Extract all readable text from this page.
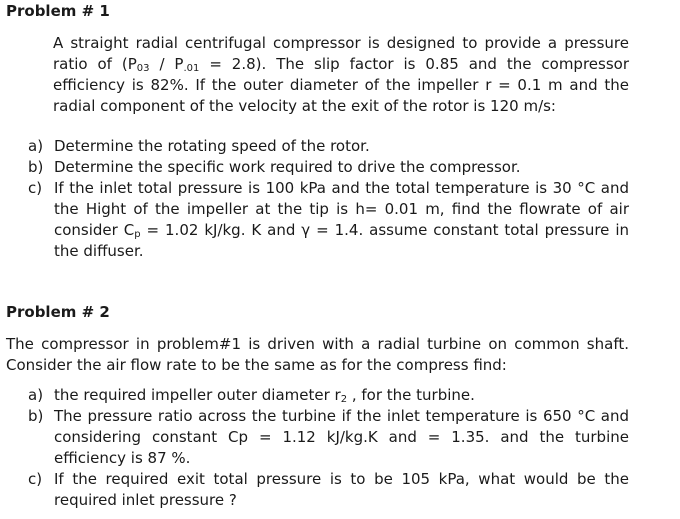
Problem # 1
A straight radial centrifugal compressor is designed to provide a pressure ratio of $(P_{03} / P_{.01} = 2.8)$. The slip factor is 0.85 and the compressor efficiency is 82%. If the outer diameter of the impeller r = 0.1 m and the radial component of the velocity at the exit of the rotor is 120 m/s:
a) Determine the rotating speed of the rotor.
b) Determine the specific work required to drive the compressor.
c) If the inlet total pressure is 100 kPa and the total temperature is 30 °C and the Hight of the impeller at the tip is h= 0.01 m, find the flowrate of air consider $C_p = 1.02$ kJ/kg. K and γ = 1.4. assume constant total pressure in the diffuser.
Problem # 2
The compressor in problem#1 is driven with a radial turbine on common shaft. Consider the air flow rate to be the same as for the compress find:
a) the required impeller outer diameter $r_2$ , for the turbine.
b) The pressure ratio across the turbine if the inlet temperature is 650 °C and considering constant Cp = 1.12 kJ/kg.K and = 1.35. and the turbine efficiency is 87 %.
c) If the required exit total pressure is to be 105 kPa, what would be the required inlet pressure ?
